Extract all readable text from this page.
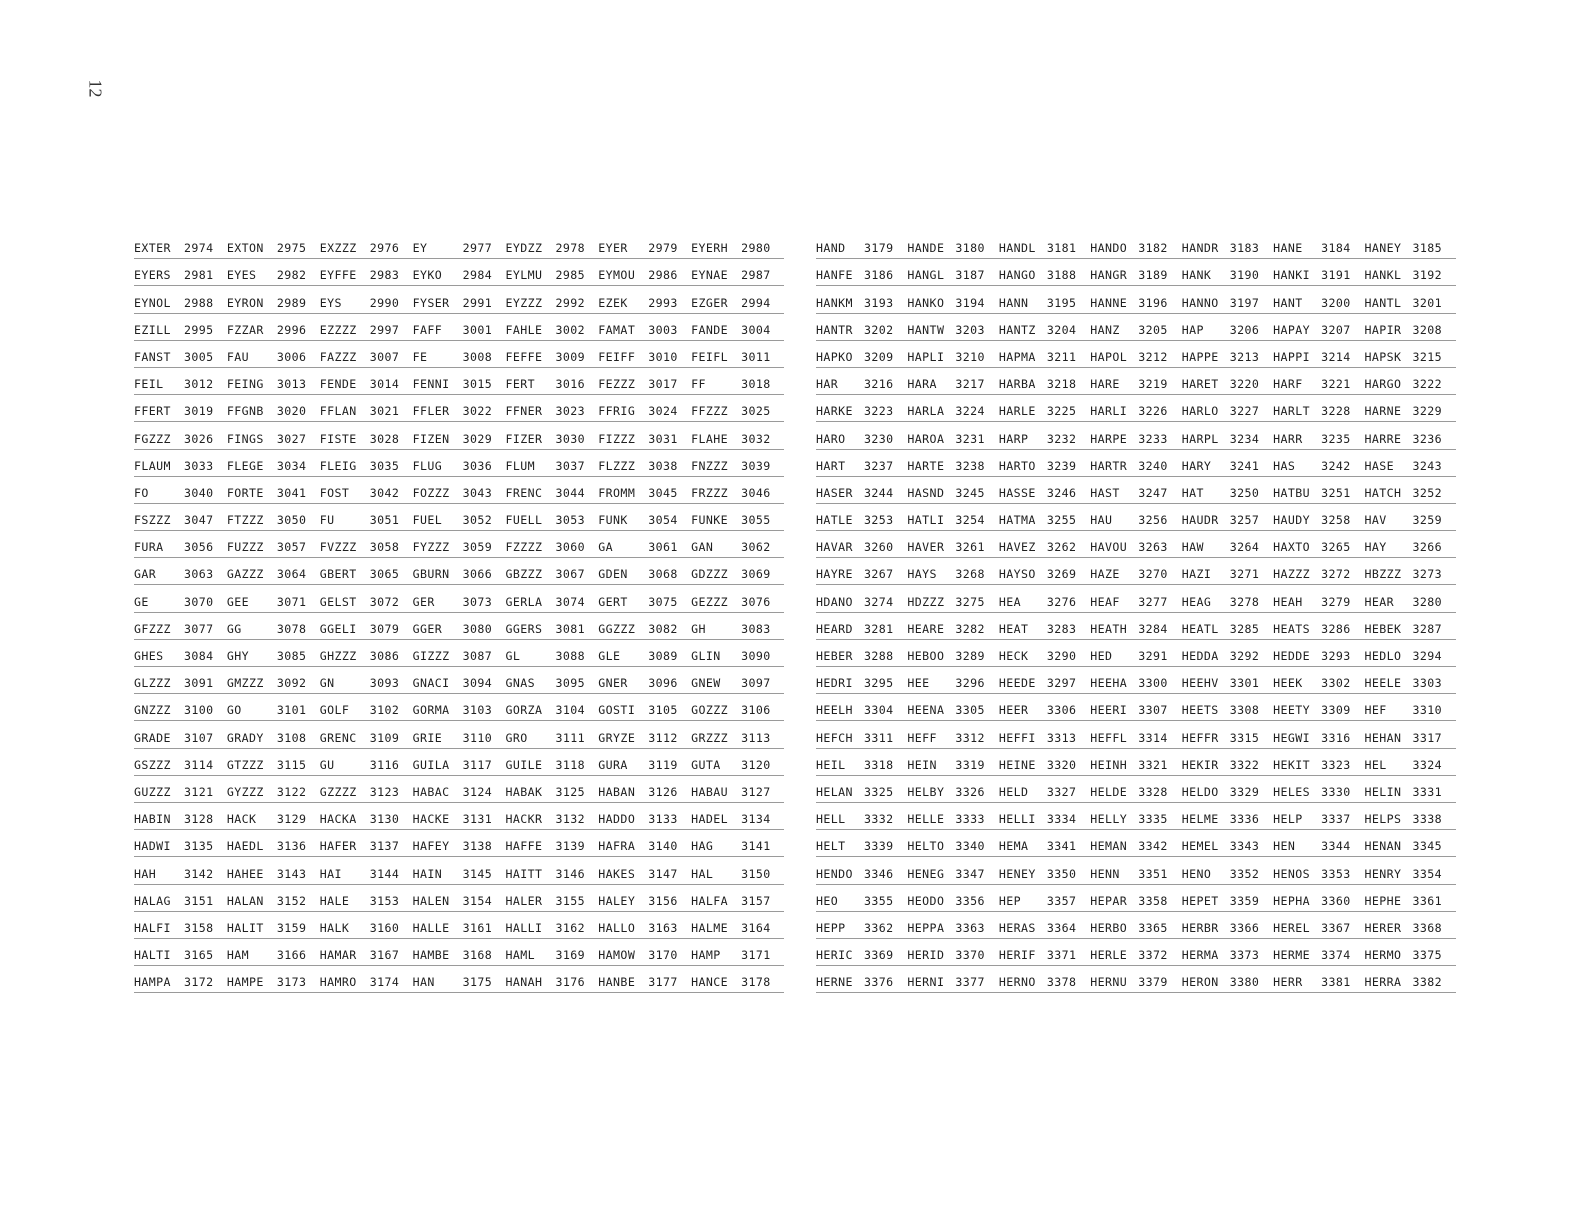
12
EXTER	2974	EXTON	2975	EXZZZ	2976	EY	2977	EYDZZ	2978	EYER	2979	EYERH	2980
EYERS	2981	EYES	2982	EYFFE	2983	EYKO	2984	EYLMU	2985	EYMOU	2986	EYNAE	2987
EYNOL	2988	EYRON	2989	EYS	2990	FYSER	2991	EYZZZ	2992	EZEK	2993	EZGER	2994
EZILL	2995	FZZAR	2996	EZZZZ	2997	FAFF	3001	FAHLE	3002	FAMAT	3003	FANDE	3004
FANST	3005	FAU	3006	FAZZZ	3007	FE	3008	FEFFE	3009	FEIFF	3010	FEIFL	3011
FEIL	3012	FEING	3013	FENDE	3014	FENNI	3015	FERT	3016	FEZZZ	3017	FF	3018
FFERT	3019	FFGNB	3020	FFLAN	3021	FFLER	3022	FFNER	3023	FFRIG	3024	FFZZZ	3025
FGZZZ	3026	FINGS	3027	FISTE	3028	FIZEN	3029	FIZER	3030	FIZZZ	3031	FLAHE	3032
FLAUM	3033	FLEGE	3034	FLEIG	3035	FLUG	3036	FLUM	3037	FLZZZ	3038	FNZZZ	3039
FO	3040	FORTE	3041	FOST	3042	FOZZZ	3043	FRENC	3044	FROMM	3045	FRZZZ	3046
FSZZZ	3047	FTZZZ	3050	FU	3051	FUEL	3052	FUELL	3053	FUNK	3054	FUNKE	3055
FURA	3056	FUZZZ	3057	FVZZZ	3058	FYZZZ	3059	FZZZZ	3060	GA	3061	GAN	3062
GAR	3063	GAZZZ	3064	GBERT	3065	GBURN	3066	GBZZZ	3067	GDEN	3068	GDZZZ	3069
GE	3070	GEE	3071	GELST	3072	GER	3073	GERLA	3074	GERT	3075	GEZZZ	3076
GFZZZ	3077	GG	3078	GGELI	3079	GGER	3080	GGERS	3081	GGZZZ	3082	GH	3083
GHES	3084	GHY	3085	GHZZZ	3086	GIZZZ	3087	GL	3088	GLE	3089	GLIN	3090
GLZZZ	3091	GMZZZ	3092	GN	3093	GNACI	3094	GNAS	3095	GNER	3096	GNEW	3097
GNZZZ	3100	GO	3101	GOLF	3102	GORMA	3103	GORZA	3104	GOSTI	3105	GOZZZ	3106
GRADE	3107	GRADY	3108	GRENC	3109	GRIE	3110	GRO	3111	GRYZE	3112	GRZZZ	3113
GSZZZ	3114	GTZZZ	3115	GU	3116	GUILA	3117	GUILE	3118	GURA	3119	GUTA	3120
GUZZZ	3121	GYZZZ	3122	GZZZZ	3123	HABAC	3124	HABAK	3125	HABAN	3126	HABAU	3127
HABIN	3128	HACK	3129	HACKA	3130	HACKE	3131	HACKR	3132	HADDO	3133	HADEL	3134
HADWI	3135	HAEDL	3136	HAFER	3137	HAFEY	3138	HAFFE	3139	HAFRA	3140	HAG	3141
HAH	3142	HAHEE	3143	HAI	3144	HAIN	3145	HAITT	3146	HAKES	3147	HAL	3150
HALAG	3151	HALAN	3152	HALE	3153	HALEN	3154	HALER	3155	HALEY	3156	HALFA	3157
HALFI	3158	HALIT	3159	HALK	3160	HALLE	3161	HALLI	3162	HALLO	3163	HALME	3164
HALTI	3165	HAM	3166	HAMAR	3167	HAMBE	3168	HAML	3169	HAMOW	3170	HAMP	3171
HAMPA	3172	HAMPE	3173	HAMRO	3174	HAN	3175	HANAH	3176	HANBE	3177	HANCE	3178
HAND	3179	HANDE 3180	HANDL 3181	HANDO 3182	HANDR 3183	HANE	3184	HANEY 3185
HANFE 3186	HANGL 3187	HANGO 3188	HANGR 3189	HANK	3190	HANKI 3191	HANKL 3192
HANKM 3193	HANKO 3194	HANN	3195	HANNE 3196	HANNO 3197	HANT	3200	HANTL 3201
HANTR 3202	HANTW 3203	HANTZ 3204	HANZ	3205	HAP	3206	HAPAY 3207	HAPIR 3208
HAPKO 3209	HAPLI 3210	HAPMA 3211	HAPOL 3212	HAPPE 3213	HAPPI 3214	HAPSK 3215
HAR	3216	HARA	3217	HARBA 3218	HARE	3219	HARET 3220	HARF	3221	HARGO 3222
HARKE 3223	HARLA 3224	HARLE 3225	HARLI 3226	HARLO 3227	HARLT 3228	HARNE 3229
HARO	3230	HAROA 3231	HARP	3232	HARPE 3233	HARPL 3234	HARR	3235	HARRE 3236
HART	3237	HARTE 3238	HARTO 3239	HARTR 3240	HARY	3241	HAS	3242	HASE	3243
HASER 3244	HASND 3245	HASSE 3246	HAST	3247	HAT	3250	HATBU 3251	HATCH 3252
HATLE 3253	HATLI 3254	HATMA 3255	HAU	3256	HAUDR 3257	HAUDY 3258	HAV	3259
HAVAR 3260	HAVER 3261	HAVEZ 3262	HAVOU 3263	HAW	3264	HAXTO 3265	HAY	3266
HAYRE 3267	HAYS	3268	HAYSO 3269	HAZE	3270	HAZI	3271	HAZZZ 3272	HBZZZ 3273
HDANO 3274	HDZZZ 3275	HEA	3276	HEAF	3277	HEAG	3278	HEAH	3279	HEAR	3280
HEARD 3281	HEARE 3282	HEAT	3283	HEATH 3284	HEATL 3285	HEATS 3286	HEBEK 3287
HEBER 3288	HEBOO 3289	HECK	3290	HED	3291	HEDDA 3292	HEDDE 3293	HEDLO 3294
HEDRI 3295	HEE	3296	HEEDE 3297	HEEHA 3300	HEEHV 3301	HEEK	3302	HEELE 3303
HEELH 3304	HEENA 3305	HEER	3306	HEERI 3307	HEETS 3308	HEETY 3309	HEF	3310
HEFCH 3311	HEFF	3312	HEFFI 3313	HEFFL 3314	HEFFR 3315	HEGWI 3316	HEHAN 3317
HEIL	3318	HEIN	3319	HEINE 3320	HEINH 3321	HEKIR 3322	HEKIT 3323	HEL	3324
HELAN 3325	HELBY 3326	HELD	3327	HELDE 3328	HELDO 3329	HELES 3330	HELIN 3331
HELL	3332	HELLE 3333	HELLI 3334	HELLY 3335	HELME 3336	HELP	3337	HELPS 3338
HELT	3339	HELTO 3340	HEMA	3341	HEMAN 3342	HEMEL 3343	HEN	3344	HENAN 3345
HENDO 3346	HENEG 3347	HENEY 3350	HENN	3351	HENO	3352	HENOS 3353	HENRY 3354
HEO	3355	HEODO 3356	HEP	3357	HEPAR 3358	HEPET 3359	HEPHA 3360	HEPHE 3361
HEPP	3362	HEPPA 3363	HERAS 3364	HERBO 3365	HERBR 3366	HEREL 3367	HERER 3368
HERIC 3369	HERID 3370	HERIF 3371	HERLE 3372	HERMA 3373	HERME 3374	HERMO 3375
HERNE 3376	HERNI 3377	HERNO 3378	HERNU 3379	HERON 3380	HERR	3381	HERRA 3382
